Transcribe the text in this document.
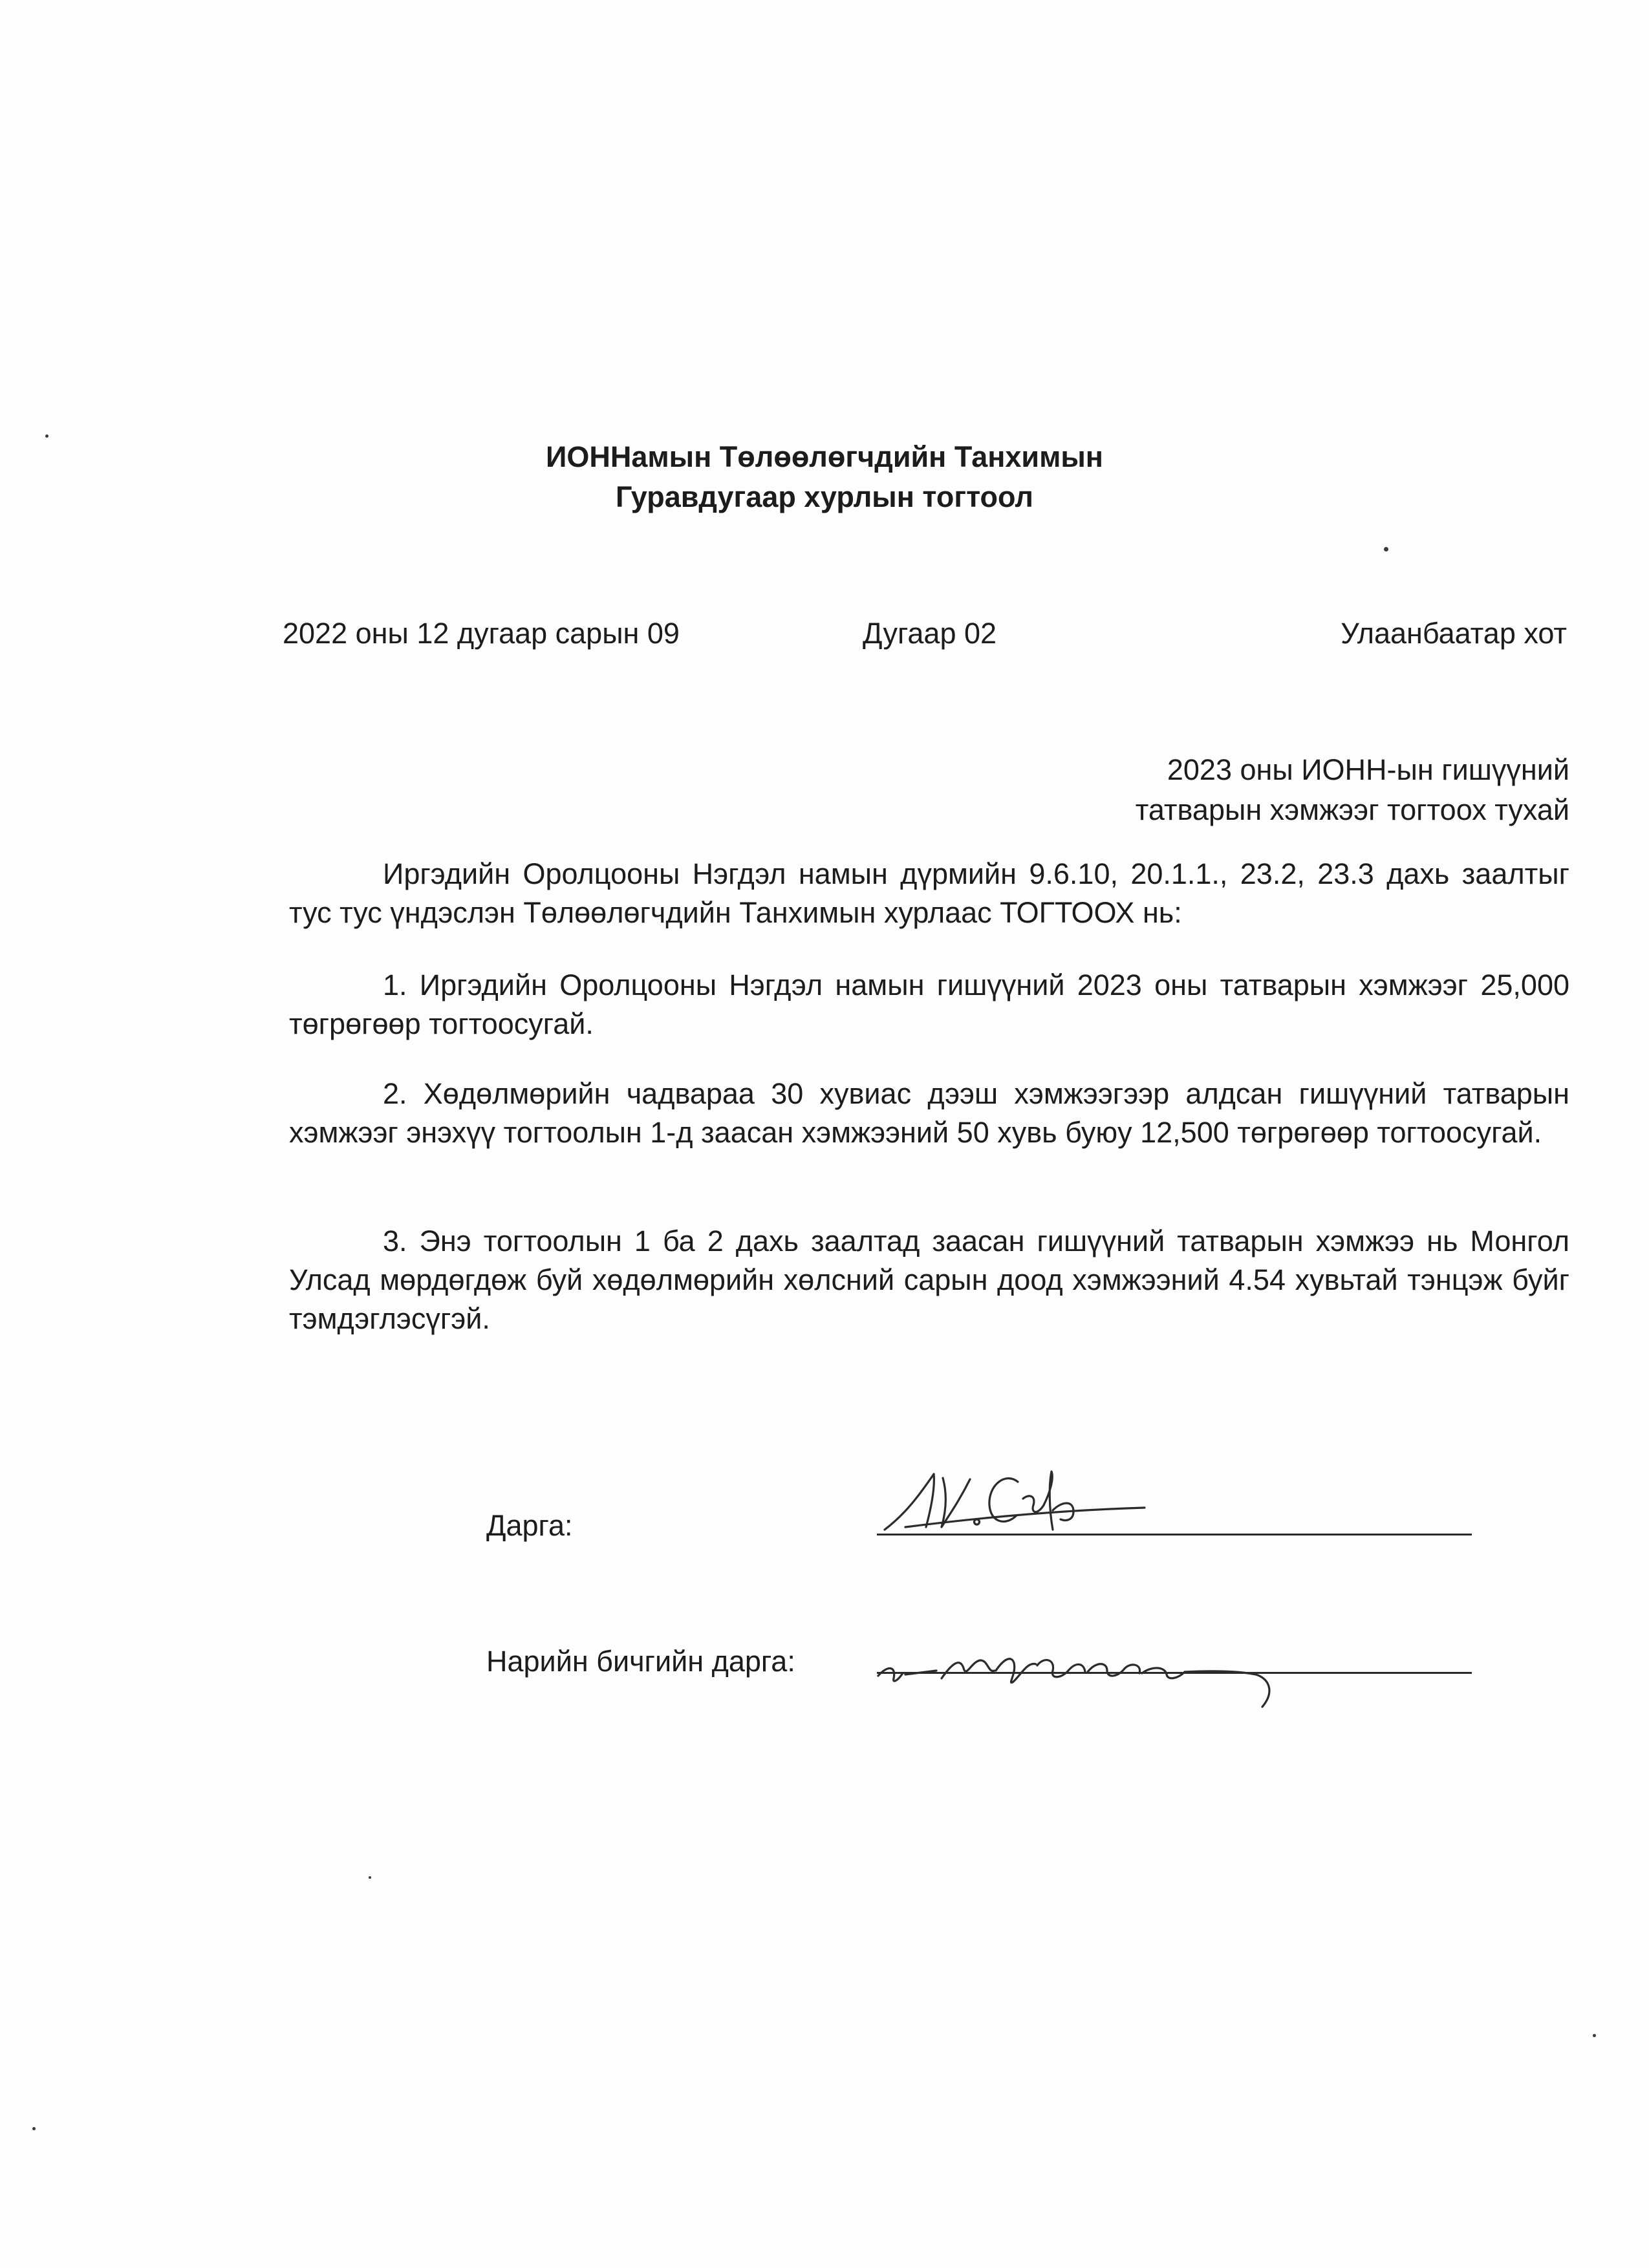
ИОННамын Төлөөлөгчдийн Танхимын
Гуравдугаар хурлын тогтоол
2022 оны 12 дугаар сарын 09	Дугаар 02	Улаанбаатар хот
2023 оны ИОНН-ын гишүүний
татварын хэмжээг тогтоох тухай

Иргэдийн Оролцооны Нэгдэл намын дүрмийн 9.6.10, 20.1.1., 23.2, 23.3 дахь заалтыг тус тус үндэслэн Төлөөлөгчдийн Танхимын хурлаас ТОГТООХ нь:

1. Иргэдийн Оролцооны Нэгдэл намын гишүүний 2023 оны татварын хэмжээг 25,000 төгрөгөөр тогтоосугай.

2. Хөдөлмөрийн чадвараа 30 хувиас дээш хэмжээгээр алдсан гишүүний татварын хэмжээг энэхүү тогтоолын 1-д заасан хэмжээний 50 хувь буюу 12,500 төгрөгөөр тогтоосугай.

3. Энэ тогтоолын 1 ба 2 дахь заалтад заасан гишүүний татварын хэмжээ нь Монгол Улсад мөрдөгдөж буй хөдөлмөрийн хөлсний сарын доод хэмжээний 4.54 хувьтай тэнцэж буйг тэмдэглэсүгэй.

Дарга:
Нарийн бичгийн дарга:
